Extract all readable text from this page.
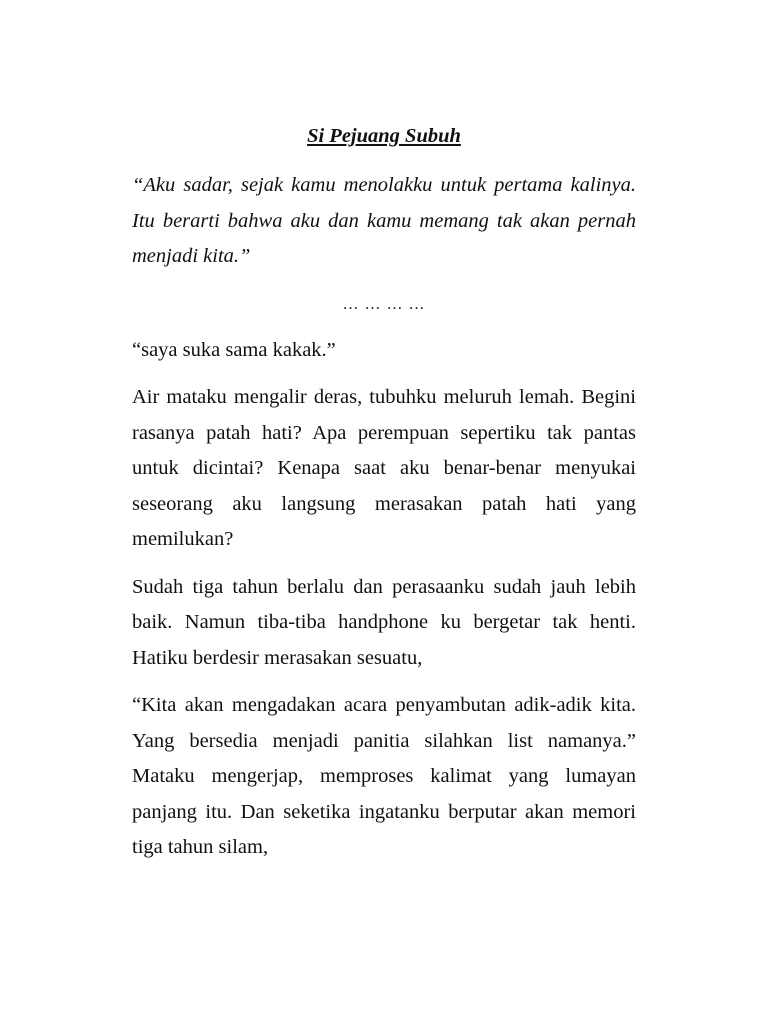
Si Pejuang Subuh
“Aku sadar, sejak kamu menolakku untuk pertama kalinya. Itu berarti bahwa aku dan kamu memang tak akan pernah menjadi kita.”
… … … …
“saya suka sama kakak.”
Air mataku mengalir deras, tubuhku meluruh lemah. Begini rasanya patah hati? Apa perempuan sepertiku tak pantas untuk dicintai? Kenapa saat aku benar-benar menyukai seseorang aku langsung merasakan patah hati yang memilukan?
Sudah tiga tahun berlalu dan perasaanku sudah jauh lebih baik. Namun tiba-tiba handphone ku bergetar tak henti. Hatiku berdesir merasakan sesuatu,
“Kita akan mengadakan acara penyambutan adik-adik kita. Yang bersedia menjadi panitia silahkan list namanya.” Mataku mengerjap, memproses kalimat yang lumayan panjang itu. Dan seketika ingatanku berputar akan memori tiga tahun silam,
